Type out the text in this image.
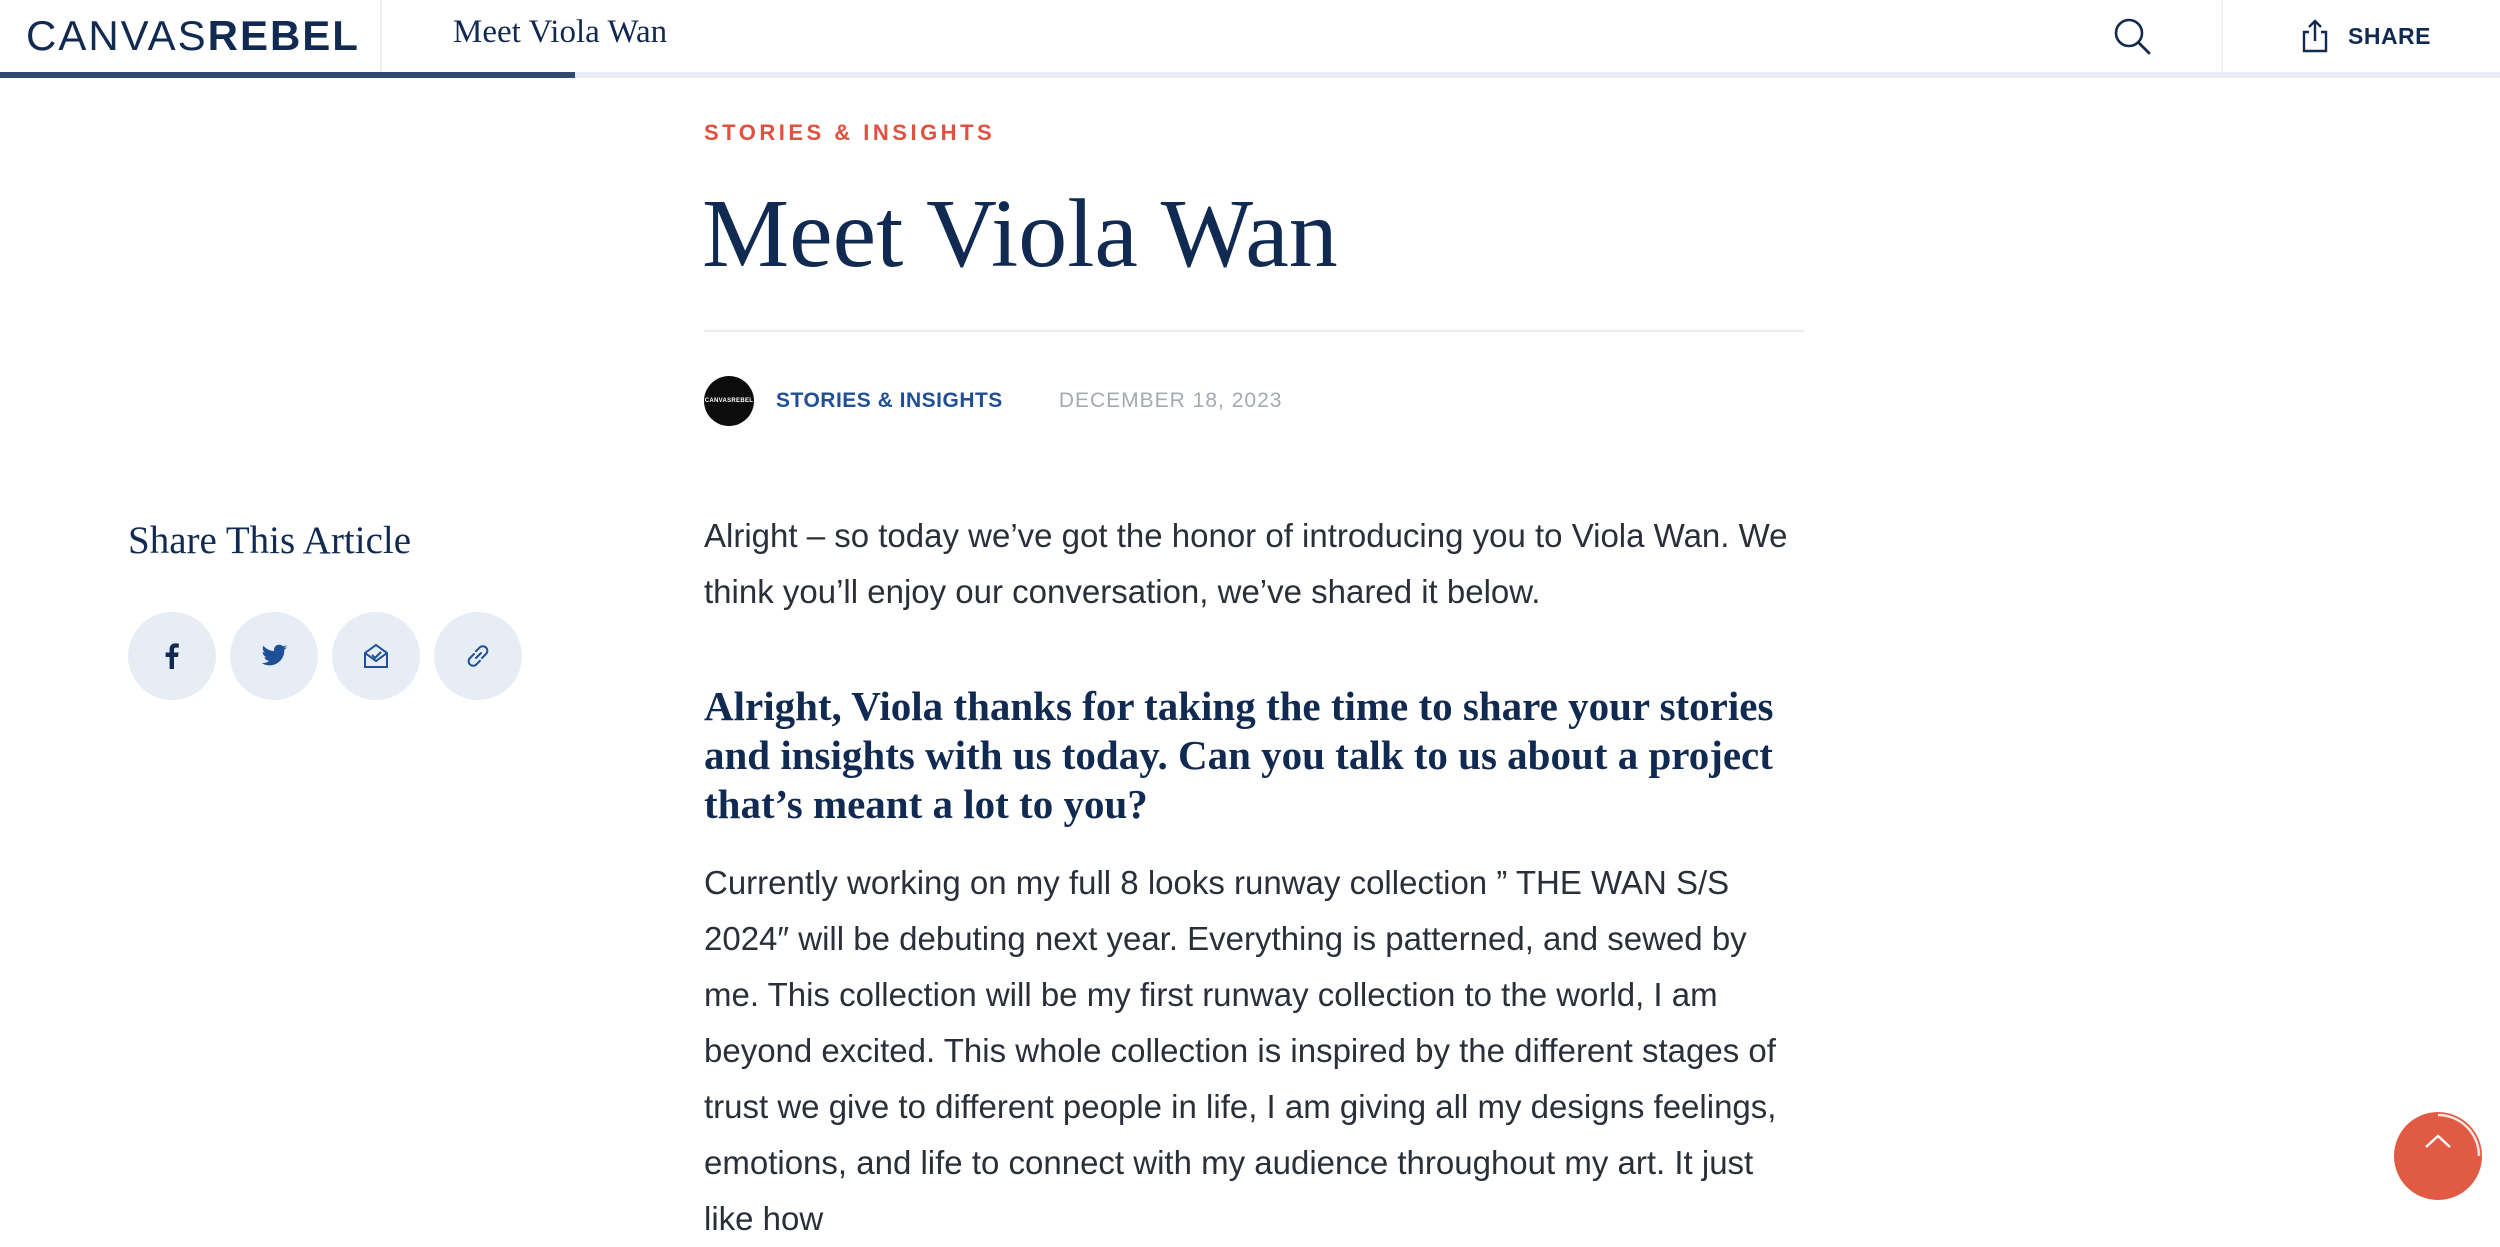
CANVAS REBEL	Meet Viola Wan	SHARE
STORIES & INSIGHTS
Meet Viola Wan
CANVASREBEL STORIES & INSIGHTS	DECEMBER 18, 2023
Share This Article	Alright – so today we’ve got the honor of introducing you to Viola Wan. We think you’ll enjoy our conversation, we’ve shared it below.

Alright, Viola thanks for taking the time to share your stories and insights with us today. Can you talk to us about a project that’s meant a lot to you?

Currently working on my full 8 looks runway collection ” THE WAN S/S 2024″ will be debuting next year. Everything is patterned, and sewed by me. This collection will be my first runway collection to the world, I am beyond excited. This whole collection is inspired by the different stages of trust we give to different people in life, I am giving all my designs feelings, emotions, and life to connect with my audience throughout my art. It just like how
